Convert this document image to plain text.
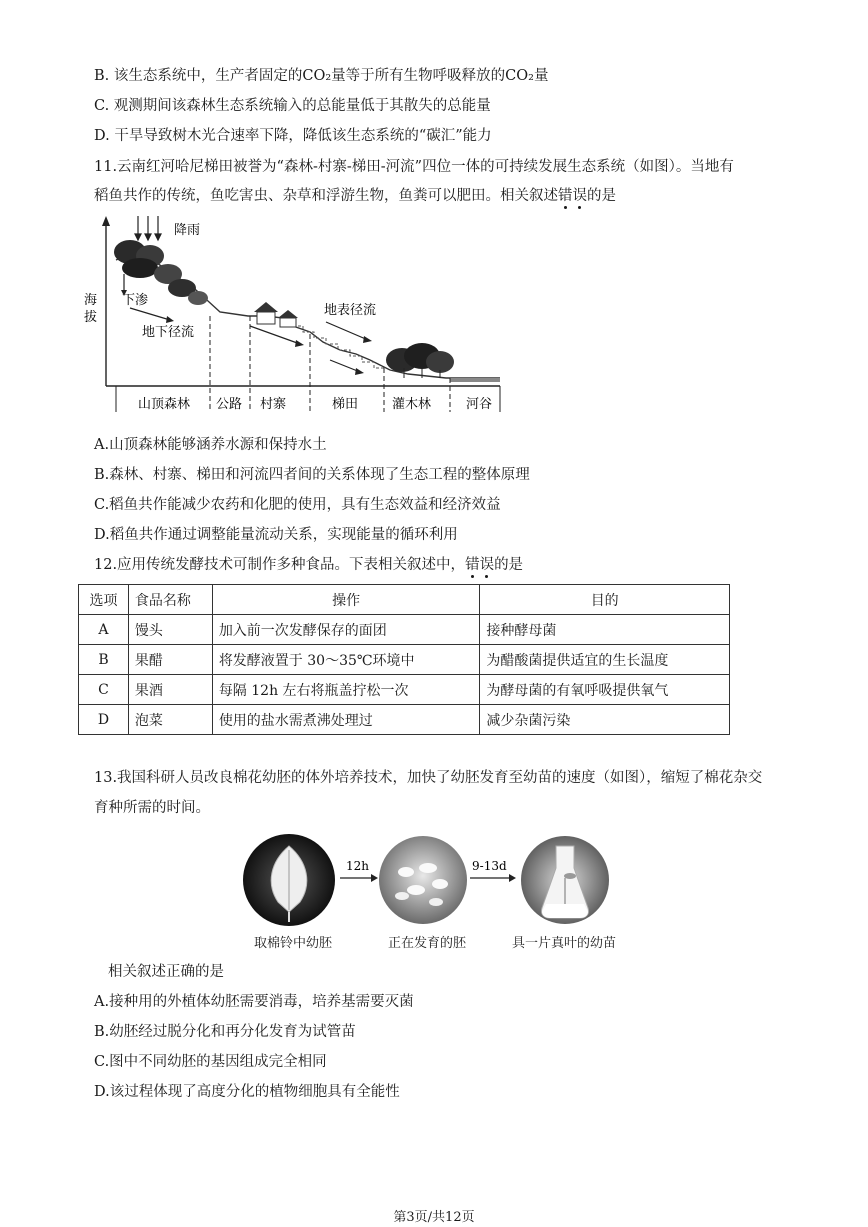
B. 该生态系统中，生产者固定的CO₂量等于所有生物呼吸释放的CO₂量
C. 观测期间该森林生态系统输入的总能量低于其散失的总能量
D. 干旱导致树木光合速率下降，降低该生态系统的“碳汇”能力
11.云南红河哈尼梯田被誉为“森林-村寨-梯田-河流”四位一体的可持续发展生态系统（如图）。当地有
稻鱼共作的传统，鱼吃害虫、杂草和浮游生物，鱼粪可以肥田。相关叙述错误的是
海 拔
降雨
下渗
地下径流
地表径流
山顶森林 公路 村寨	梯田	灌木林	河谷
A.山顶森林能够涵养水源和保持水土
B.森林、村寨、梯田和河流四者间的关系体现了生态工程的整体原理
C.稻鱼共作能减少农药和化肥的使用，具有生态效益和经济效益
D.稻鱼共作通过调整能量流动关系，实现能量的循环利用
12.应用传统发酵技术可制作多种食品。下表相关叙述中，错误的是
选项	食品名称	操作	目的
A	馒头	加入前一次发酵保存的面团	接种酵母菌
B	果醋	将发酵液置于 30～35℃环境中	为醋酸菌提供适宜的生长温度
C	果酒	每隔 12h 左右将瓶盖拧松一次	为酵母菌的有氧呼吸提供氧气
D	泡菜	使用的盐水需煮沸处理过	减少杂菌污染
13.我国科研人员改良棉花幼胚的体外培养技术，加快了幼胚发育至幼苗的速度（如图），缩短了棉花杂交
育种所需的时间。
12h	9-13d
取棉铃中幼胚	正在发育的胚	具一片真叶的幼苗
相关叙述正确的是
A.接种用的外植体幼胚需要消毒，培养基需要灭菌
B.幼胚经过脱分化和再分化发育为试管苗
C.图中不同幼胚的基因组成完全相同
D.该过程体现了高度分化的植物细胞具有全能性
第3页/共12页
